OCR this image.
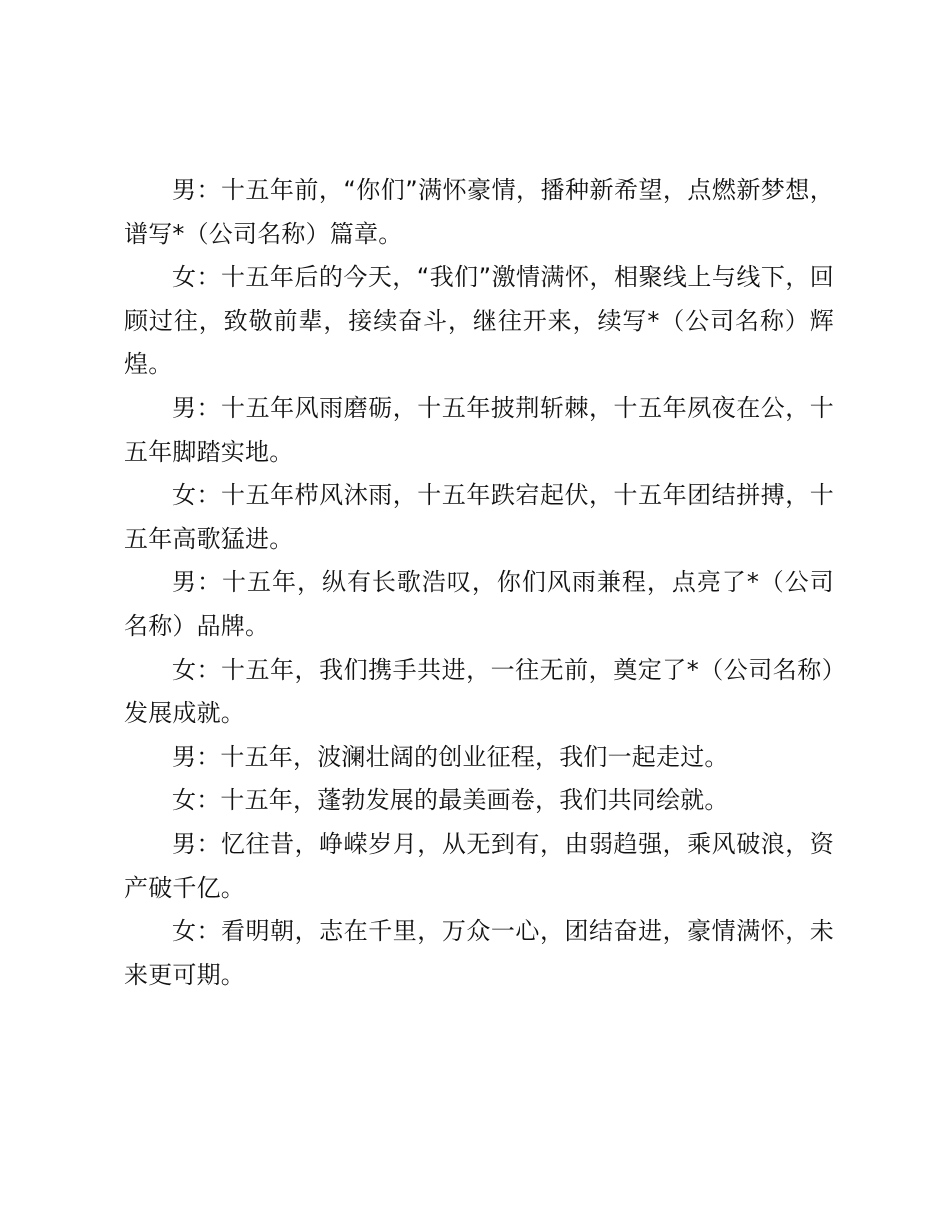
男：十五年前，“你们”满怀豪情，播种新希望，点燃新梦想，谱写*（公司名称）篇章。

女：十五年后的今天，“我们”激情满怀，相聚线上与线下，回顾过往，致敬前辈，接续奋斗，继往开来，续写*（公司名称）辉煌。

男：十五年风雨磨砺，十五年披荆斩棘，十五年夙夜在公，十五年脚踏实地。

女：十五年栉风沐雨，十五年跌宕起伏，十五年团结拼搏，十五年高歌猛进。

男：十五年，纵有长歌浩叹，你们风雨兼程，点亮了*（公司名称）品牌。

女：十五年，我们携手共进，一往无前，奠定了*（公司名称）发展成就。

男：十五年，波澜壮阔的创业征程，我们一起走过。

女：十五年，蓬勃发展的最美画卷，我们共同绘就。

男：忆往昔，峥嵘岁月，从无到有，由弱趋强，乘风破浪，资产破千亿。

女：看明朝，志在千里，万众一心，团结奋进，豪情满怀，未来更可期。
